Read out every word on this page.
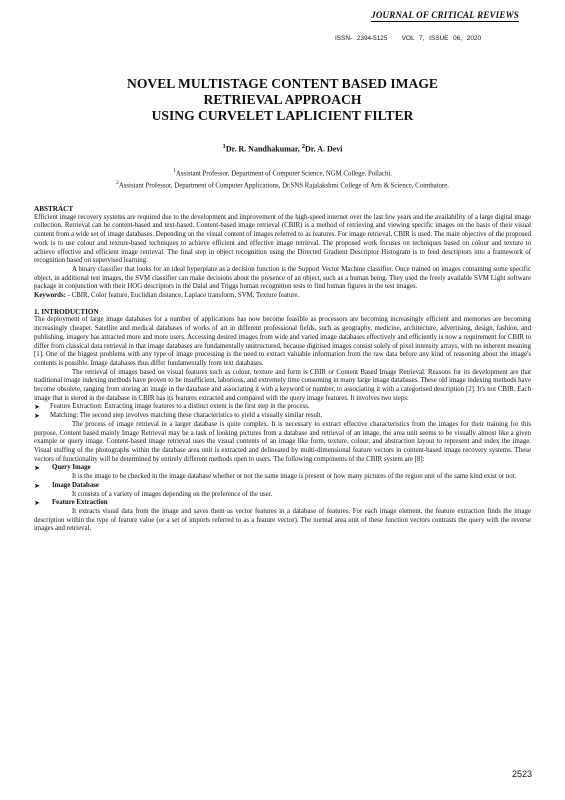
JOURNAL OF CRITICAL REVIEWS
ISSN- 2394-5125 VOL 7, ISSUE 06, 2020
NOVEL MULTISTAGE CONTENT BASED IMAGE
RETRIEVAL APPROACH
USING CURVELET LAPLICIENT FILTER
$^1$Dr. R. Nandhakumar, $^2$Dr. A. Devi
$^1$Assistant Professor, Department of Computer Science, NGM College, Pollachi.
$^2$Assistant Professor, Department of Computer Applications, Dr.SNS Rajalakshmi College of Arts & Science, Coimbatore.

ABSTRACT

Efficient image recovery systems are required due to the development and improvement of the high-speed internet over the last few years and the availability of a large digital image collection. Retrieval can be content-based and text-based. Content-based image retrieval (CBIR) is a method of retrieving and viewing specific images on the basis of their visual content from a wide set of image databases. Depending on the visual content of images referred to as features. For image retrieval, CBIR is used. The main objective of the proposed work is to use colour and texture-based techniques to achieve efficient and effective image retrieval. The proposed work focuses on techniques based on colour and texture to achieve effective and efficient image retrieval. The final step in object recognition using the Directed Gradient Descriptor Histogram is to feed descriptors into a framework of recognition based on supervised learning.

A binary classifier that looks for an ideal hyperplane as a decision function is the Support Vector Machine classifier. Once trained on images containing some specific object, in additional test images, the SVM classifier can make decisions about the presence of an object, such as a human being. They used the freely available SVM Light software package in conjunction with their HOG descriptors in the Dalal and Triggs human recognition tests to find human figures in the test images.

Keywords: - CBIR, Color feature, Euclidian distance, Laplace transform, SVM, Texture feature.

1. INTRODUCTION

The deployment of large image databases for a number of applications has now become feasible as processors are becoming increasingly efficient and memories are becoming increasingly cheaper. Satellite and medical databases of works of art in different professional fields, such as geography, medicine, architecture, advertising, design, fashion, and publishing, imagery has attracted more and more users. Accessing desired images from wide and varied image databases effectively and efficiently is now a requirement for CBIR to differ from classical data retrieval in that image databases are fundamentally unstructured, because digitised images consist solely of pixel intensity arrays, with no inherent meaning [1]. One of the biggest problems with any type of image processing is the need to extract valuable information from the raw data before any kind of reasoning about the image's contents is possible. Image databases thus differ fundamentally from text databases.

The retrieval of images based on visual features such as colour, texture and form is CBIR or Content Based Image Retrieval. Reasons for its development are that traditional image indexing methods have proven to be insufficient, laborious, and extremely time consuming in many large image databases. These old image indexing methods have become obsolete, ranging from storing an image in the database and associating it with a keyword or number, to associating it with a categorised description [2]. It's not CBIR. Each image that is stored in the database in CBIR has its features extracted and compared with the query image features. It involves two steps:

➤	Feature Extraction: Extracting image features to a distinct extent is the first step in the process.
➤	Matching: The second step involves matching these characteristics to yield a visually similar result.

The process of image retrieval in a larger database is quite complex. It is necessary to extract effective characteristics from the images for their training for this purpose. Content based mainly Image Retrieval may be a task of looking pictures from a database and retrieval of an image, the area unit seems to be visually almost like a given example or query image. Content-based image retrieval uses the visual contents of an image like form, texture, colour, and abstraction layout to represent and index the image. Visual stuffing of the photographs within the database area unit is extracted and delineated by multi-dimensional feature vectors in content-based image recovery systems. These vectors of functionality will be determined by entirely different methods open to users. The following components of the CBIR system are [8]:

➤	Query Image

It is the image to be checked in the image database whether or not the same image is present or how many pictures of the region unit of the same kind exist or not.

➤	Image Database

It consists of a variety of images depending on the preference of the user.

➤	Feature Extraction

It extracts visual data from the image and saves them as vector features in a database of features. For each image element, the feature extraction finds the image description within the type of feature value (or a set of imports referred to as a feature vector). The normal area unit of these function vectors contrasts the query with the reverse images and retrieval.

2523
